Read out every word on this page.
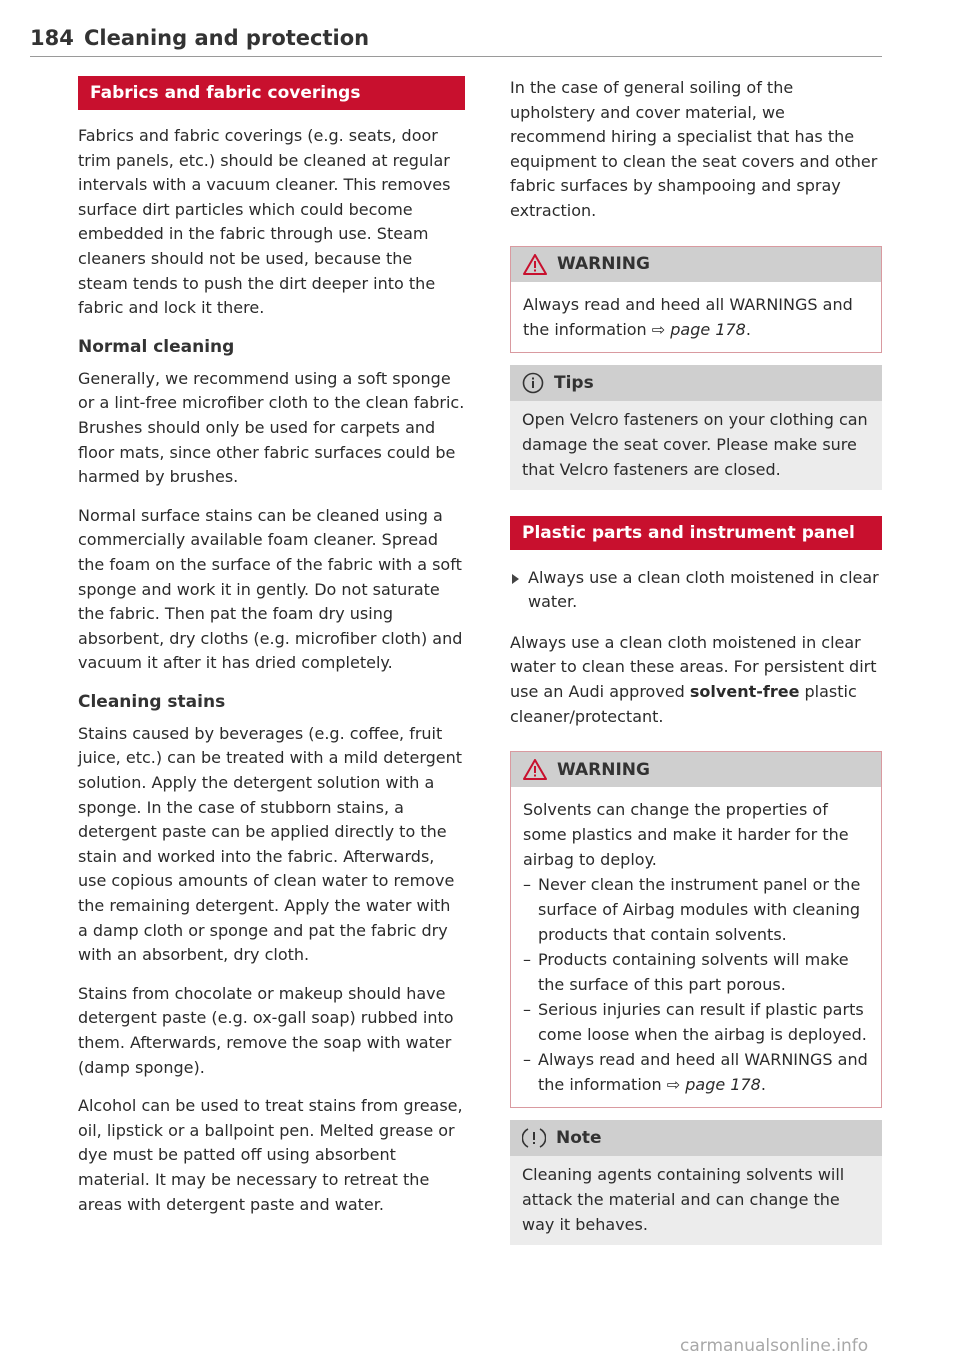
184 Cleaning and protection
Fabrics and fabric coverings

Fabrics and fabric coverings (e.g. seats, door trim panels, etc.) should be cleaned at regular intervals with a vacuum cleaner. This removes surface dirt particles which could become embedded in the fabric through use. Steam cleaners should not be used, because the steam tends to push the dirt deeper into the fabric and lock it there.

Normal cleaning

Generally, we recommend using a soft sponge or a lint-free microfiber cloth to the clean fabric. Brushes should only be used for carpets and floor mats, since other fabric surfaces could be harmed by brushes.

Normal surface stains can be cleaned using a commercially available foam cleaner. Spread the foam on the surface of the fabric with a soft sponge and work it in gently. Do not saturate the fabric. Then pat the foam dry using absorbent, dry cloths (e.g. microfiber cloth) and vacuum it after it has dried completely.

Cleaning stains

Stains caused by beverages (e.g. coffee, fruit juice, etc.) can be treated with a mild detergent solution. Apply the detergent solution with a sponge. In the case of stubborn stains, a detergent paste can be applied directly to the stain and worked into the fabric. Afterwards, use copious amounts of clean water to remove the remaining detergent. Apply the water with a damp cloth or sponge and pat the fabric dry with an absorbent, dry cloth.

Stains from chocolate or makeup should have detergent paste (e.g. ox-gall soap) rubbed into them. Afterwards, remove the soap with water (damp sponge).

Alcohol can be used to treat stains from grease, oil, lipstick or a ballpoint pen. Melted grease or dye must be patted off using absorbent material. It may be necessary to retreat the areas with detergent paste and water.

In the case of general soiling of the upholstery and cover material, we recommend hiring a specialist that has the equipment to clean the seat covers and other fabric surfaces by shampooing and spray extraction.

WARNING

Always read and heed all WARNINGS and the information ⇨ page 178.

Tips

Open Velcro fasteners on your clothing can damage the seat cover. Please make sure that Velcro fasteners are closed.

Plastic parts and instrument panel
Always use a clean cloth moistened in clear water.

Always use a clean cloth moistened in clear water to clean these areas. For persistent dirt use an Audi approved solvent-free plastic cleaner/protectant.

WARNING

Solvents can change the properties of some plastics and make it harder for the airbag to deploy.

– Never clean the instrument panel or the surface of Airbag modules with cleaning products that contain solvents.
– Products containing solvents will make the surface of this part porous.
– Serious injuries can result if plastic parts come loose when the airbag is deployed.
– Always read and heed all WARNINGS and the information ⇨ page 178.
Note

Cleaning agents containing solvents will attack the material and can change the way it behaves.

carmanualsonline.info
